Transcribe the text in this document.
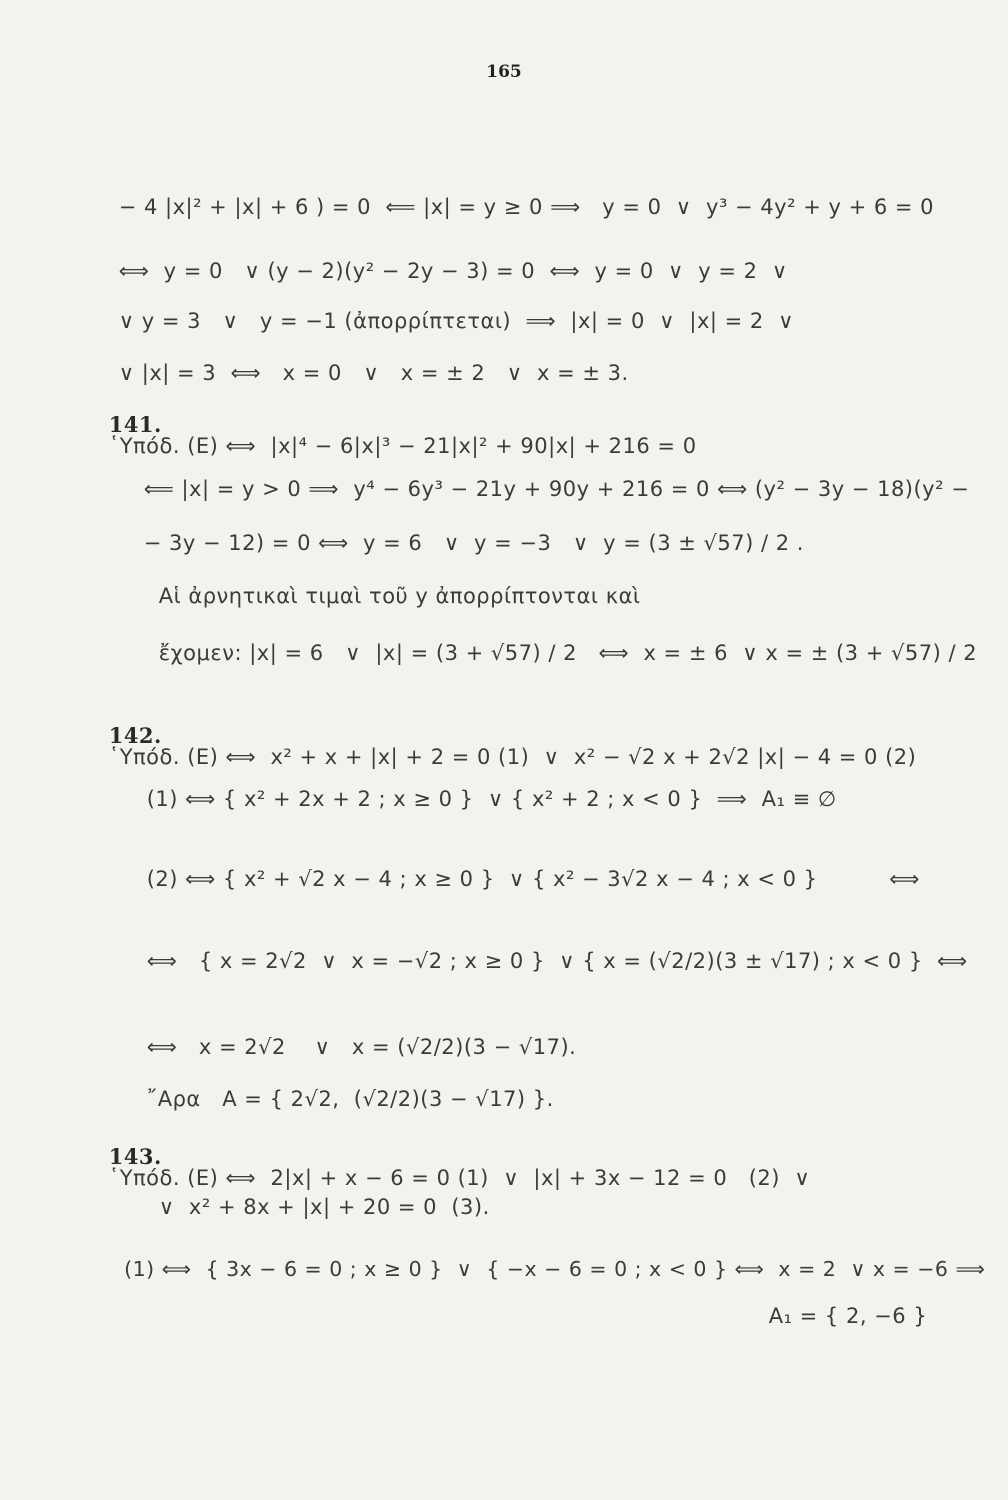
165

− 4 |x|² + |x| + 6 ) = 0  ⟸ |x| = y ≥ 0 ⟹   y = 0  ∨  y³ − 4y² + y + 6 = 0

⟺  y = 0   ∨ (y − 2)(y² − 2y − 3) = 0  ⟺  y = 0  ∨  y = 2  ∨

∨ y = 3   ∨   y = −1 (ἀπορρίπτεται)  ⟹  |x| = 0  ∨  |x| = 2  ∨

∨ |x| = 3  ⟺   x = 0   ∨   x = ± 2   ∨  x = ± 3.

141.
῾Υπόδ. (Ε) ⟺  |x|⁴ − 6|x|³ − 21|x|² + 90|x| + 216 = 0

⟸ |x| = y > 0 ⟹  y⁴ − 6y³ − 21y + 90y + 216 = 0 ⟺ (y² − 3y − 18)(y² −

− 3y − 12) = 0 ⟺  y = 6   ∨  y = −3   ∨  y = (3 ± √57) / 2 .

Αἱ ἀρνητικαὶ τιμαὶ τοῦ y ἀπορρίπτονται καὶ

ἔχομεν: |x| = 6   ∨  |x| = (3 + √57) / 2   ⟺  x = ± 6  ∨ x = ± (3 + √57) / 2

142.
῾Υπόδ. (Ε) ⟺  x² + x + |x| + 2 = 0 (1)  ∨  x² − √2 x + 2√2 |x| − 4 = 0 (2)

(1) ⟺ { x² + 2x + 2 ; x ≥ 0 }  ∨ { x² + 2 ; x < 0 }  ⟹  A₁ ≡ ∅

(2) ⟺ { x² + √2 x − 4 ; x ≥ 0 }  ∨ { x² − 3√2 x − 4 ; x < 0 }          ⟺

⟺   { x = 2√2  ∨  x = −√2 ; x ≥ 0 }  ∨ { x = (√2/2)(3 ± √17) ; x < 0 }  ⟺

⟺   x = 2√2    ∨   x = (√2/2)(3 − √17).

῎Αρα   A = { 2√2,  (√2/2)(3 − √17) }.

143.
῾Υπόδ. (Ε) ⟺  2|x| + x − 6 = 0 (1)  ∨  |x| + 3x − 12 = 0   (2)  ∨

∨  x² + 8x + |x| + 20 = 0  (3).

(1) ⟺  { 3x − 6 = 0 ; x ≥ 0 }  ∨  { −x − 6 = 0 ; x < 0 } ⟺  x = 2  ∨ x = −6 ⟹

A₁ = { 2, −6 }
